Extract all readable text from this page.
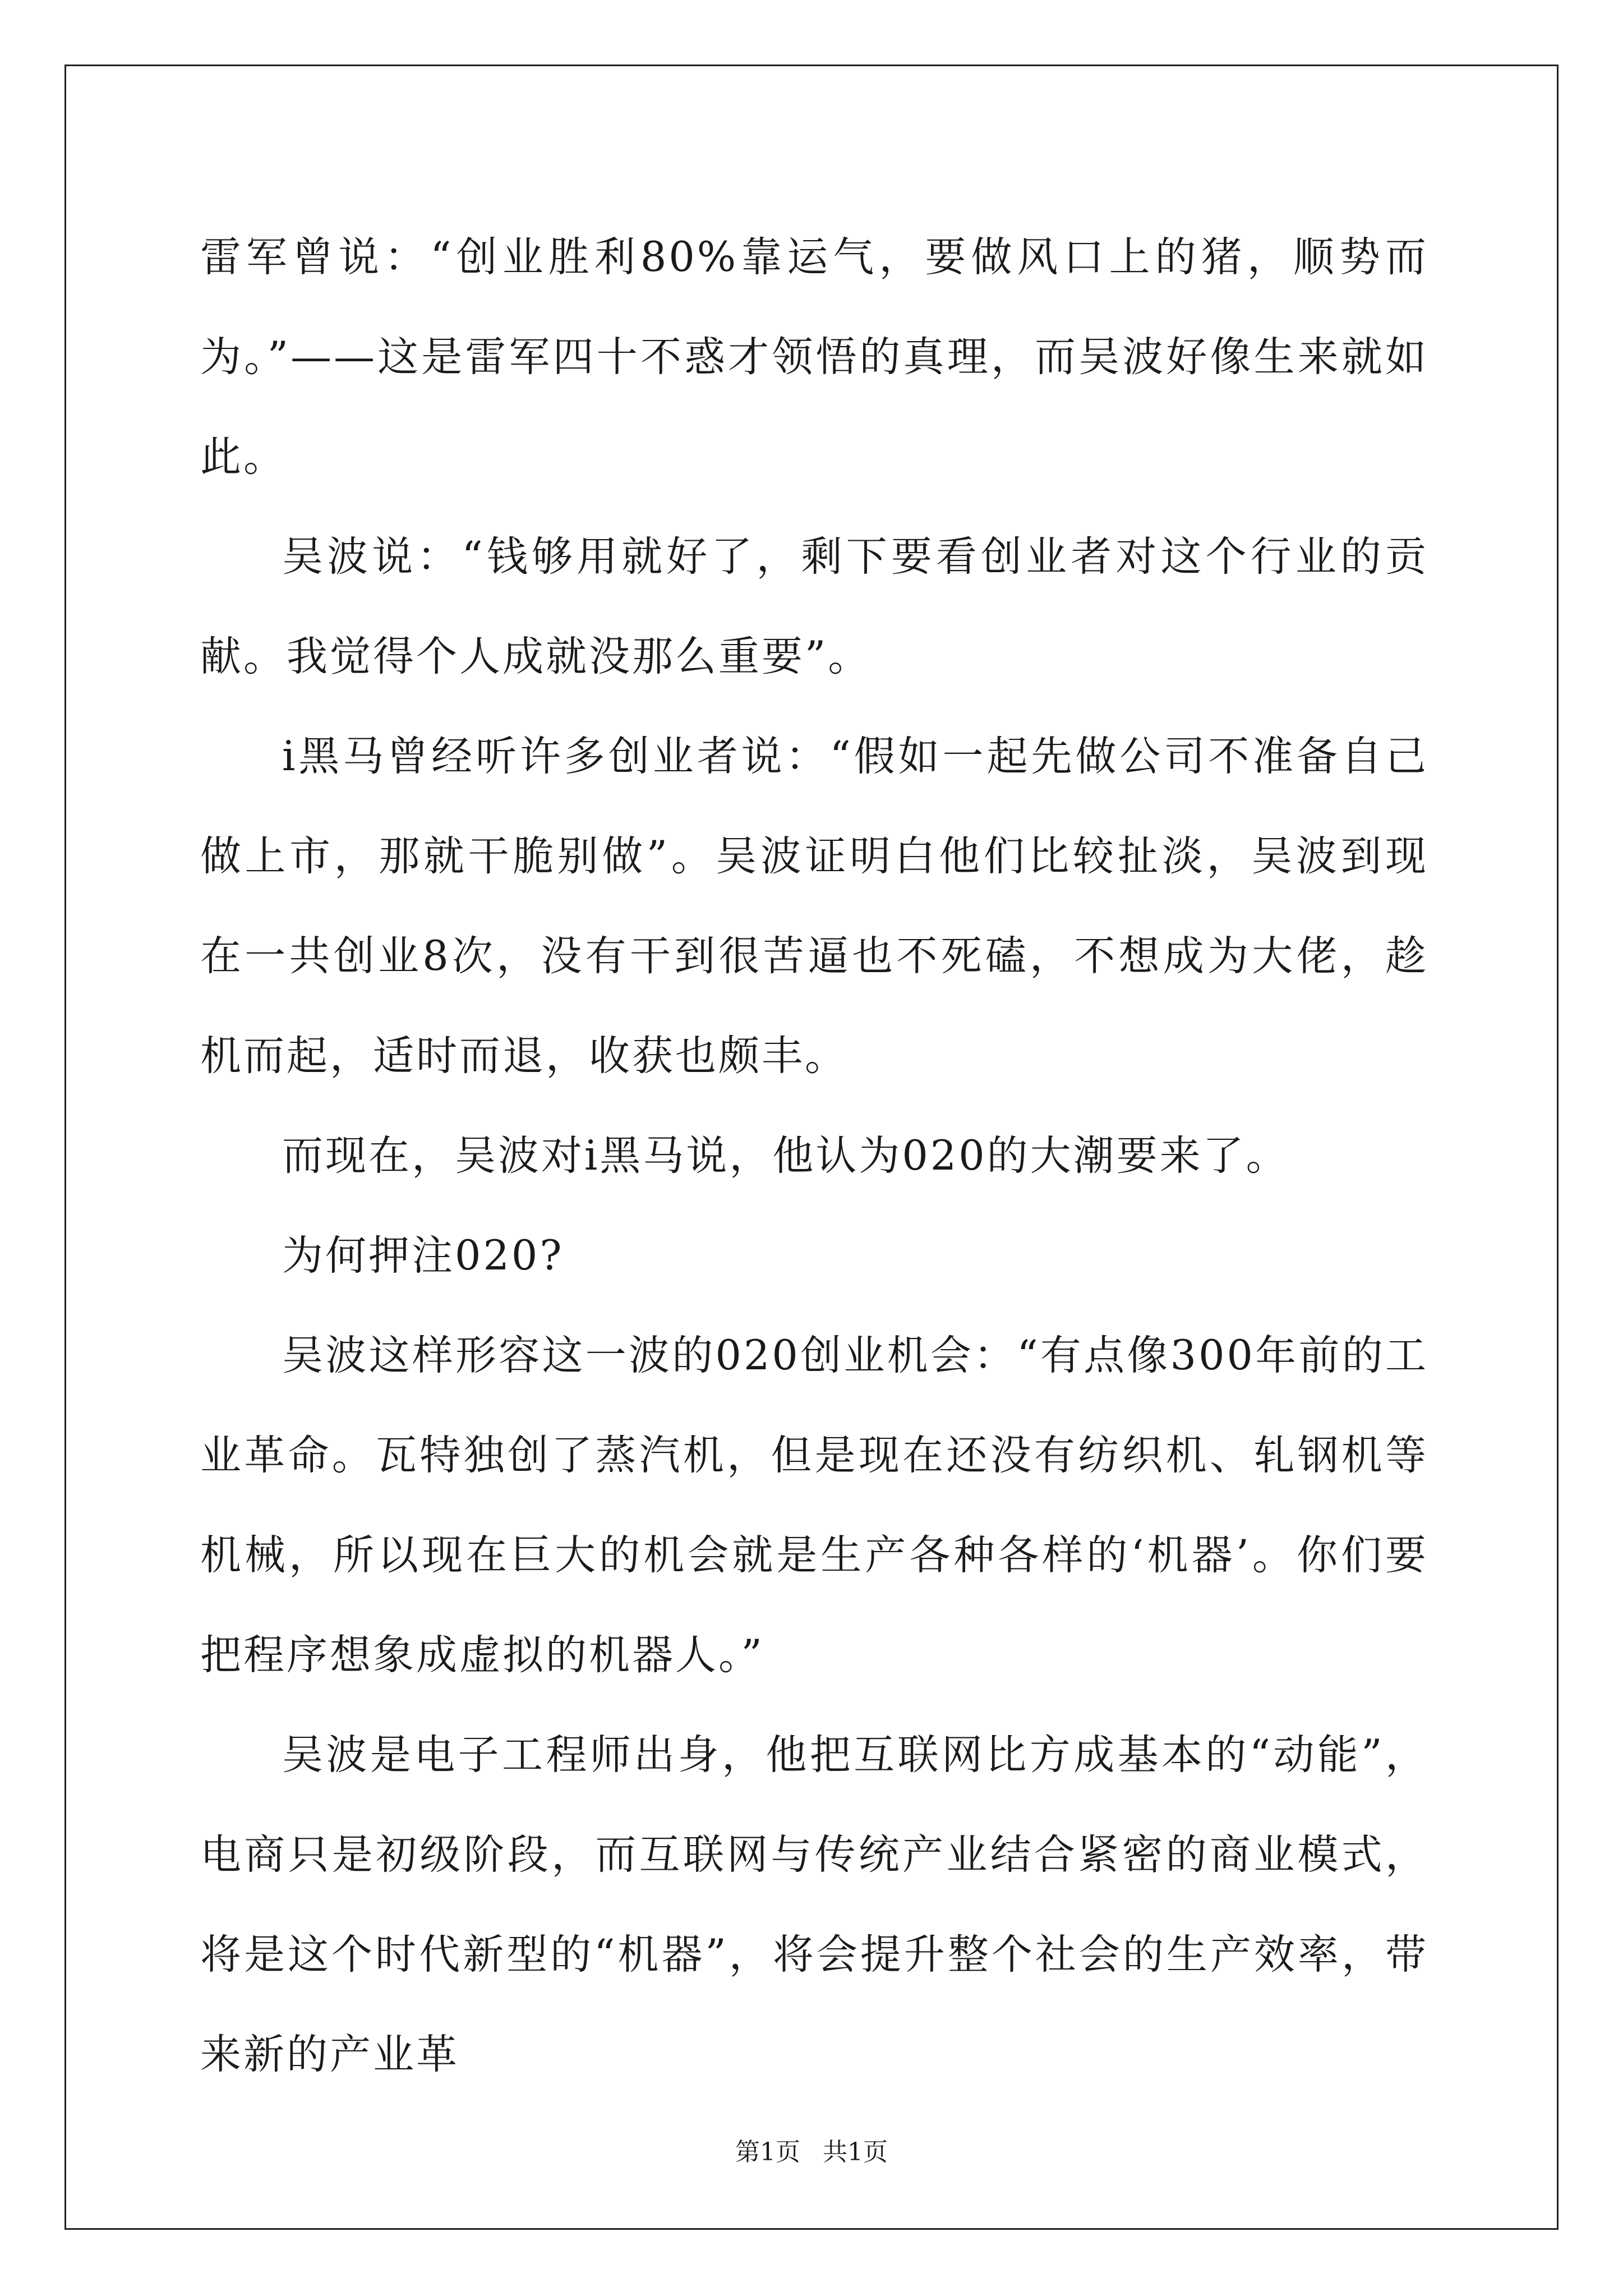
雷军曾说：“创业胜利80%靠运气，要做风口上的猪，顺势而为。”——这是雷军四十不惑才领悟的真理，而吴波好像生来就如此。

吴波说：“钱够用就好了，剩下要看创业者对这个行业的贡献。我觉得个人成就没那么重要”。

i黑马曾经听许多创业者说：“假如一起先做公司不准备自己做上市，那就干脆别做”。吴波证明白他们比较扯淡，吴波到现在一共创业8次，没有干到很苦逼也不死磕，不想成为大佬，趁机而起，适时而退，收获也颇丰。

而现在，吴波对i黑马说，他认为020的大潮要来了。

为何押注020?

吴波这样形容这一波的020创业机会：“有点像300年前的工业革命。瓦特独创了蒸汽机，但是现在还没有纺织机、轧钢机等机械，所以现在巨大的机会就是生产各种各样的‘机器’。你们要把程序想象成虚拟的机器人。”

吴波是电子工程师出身，他把互联网比方成基本的“动能”，电商只是初级阶段，而互联网与传统产业结合紧密的商业模式，将是这个时代新型的“机器”，将会提升整个社会的生产效率，带来新的产业革

第1页 共1页
